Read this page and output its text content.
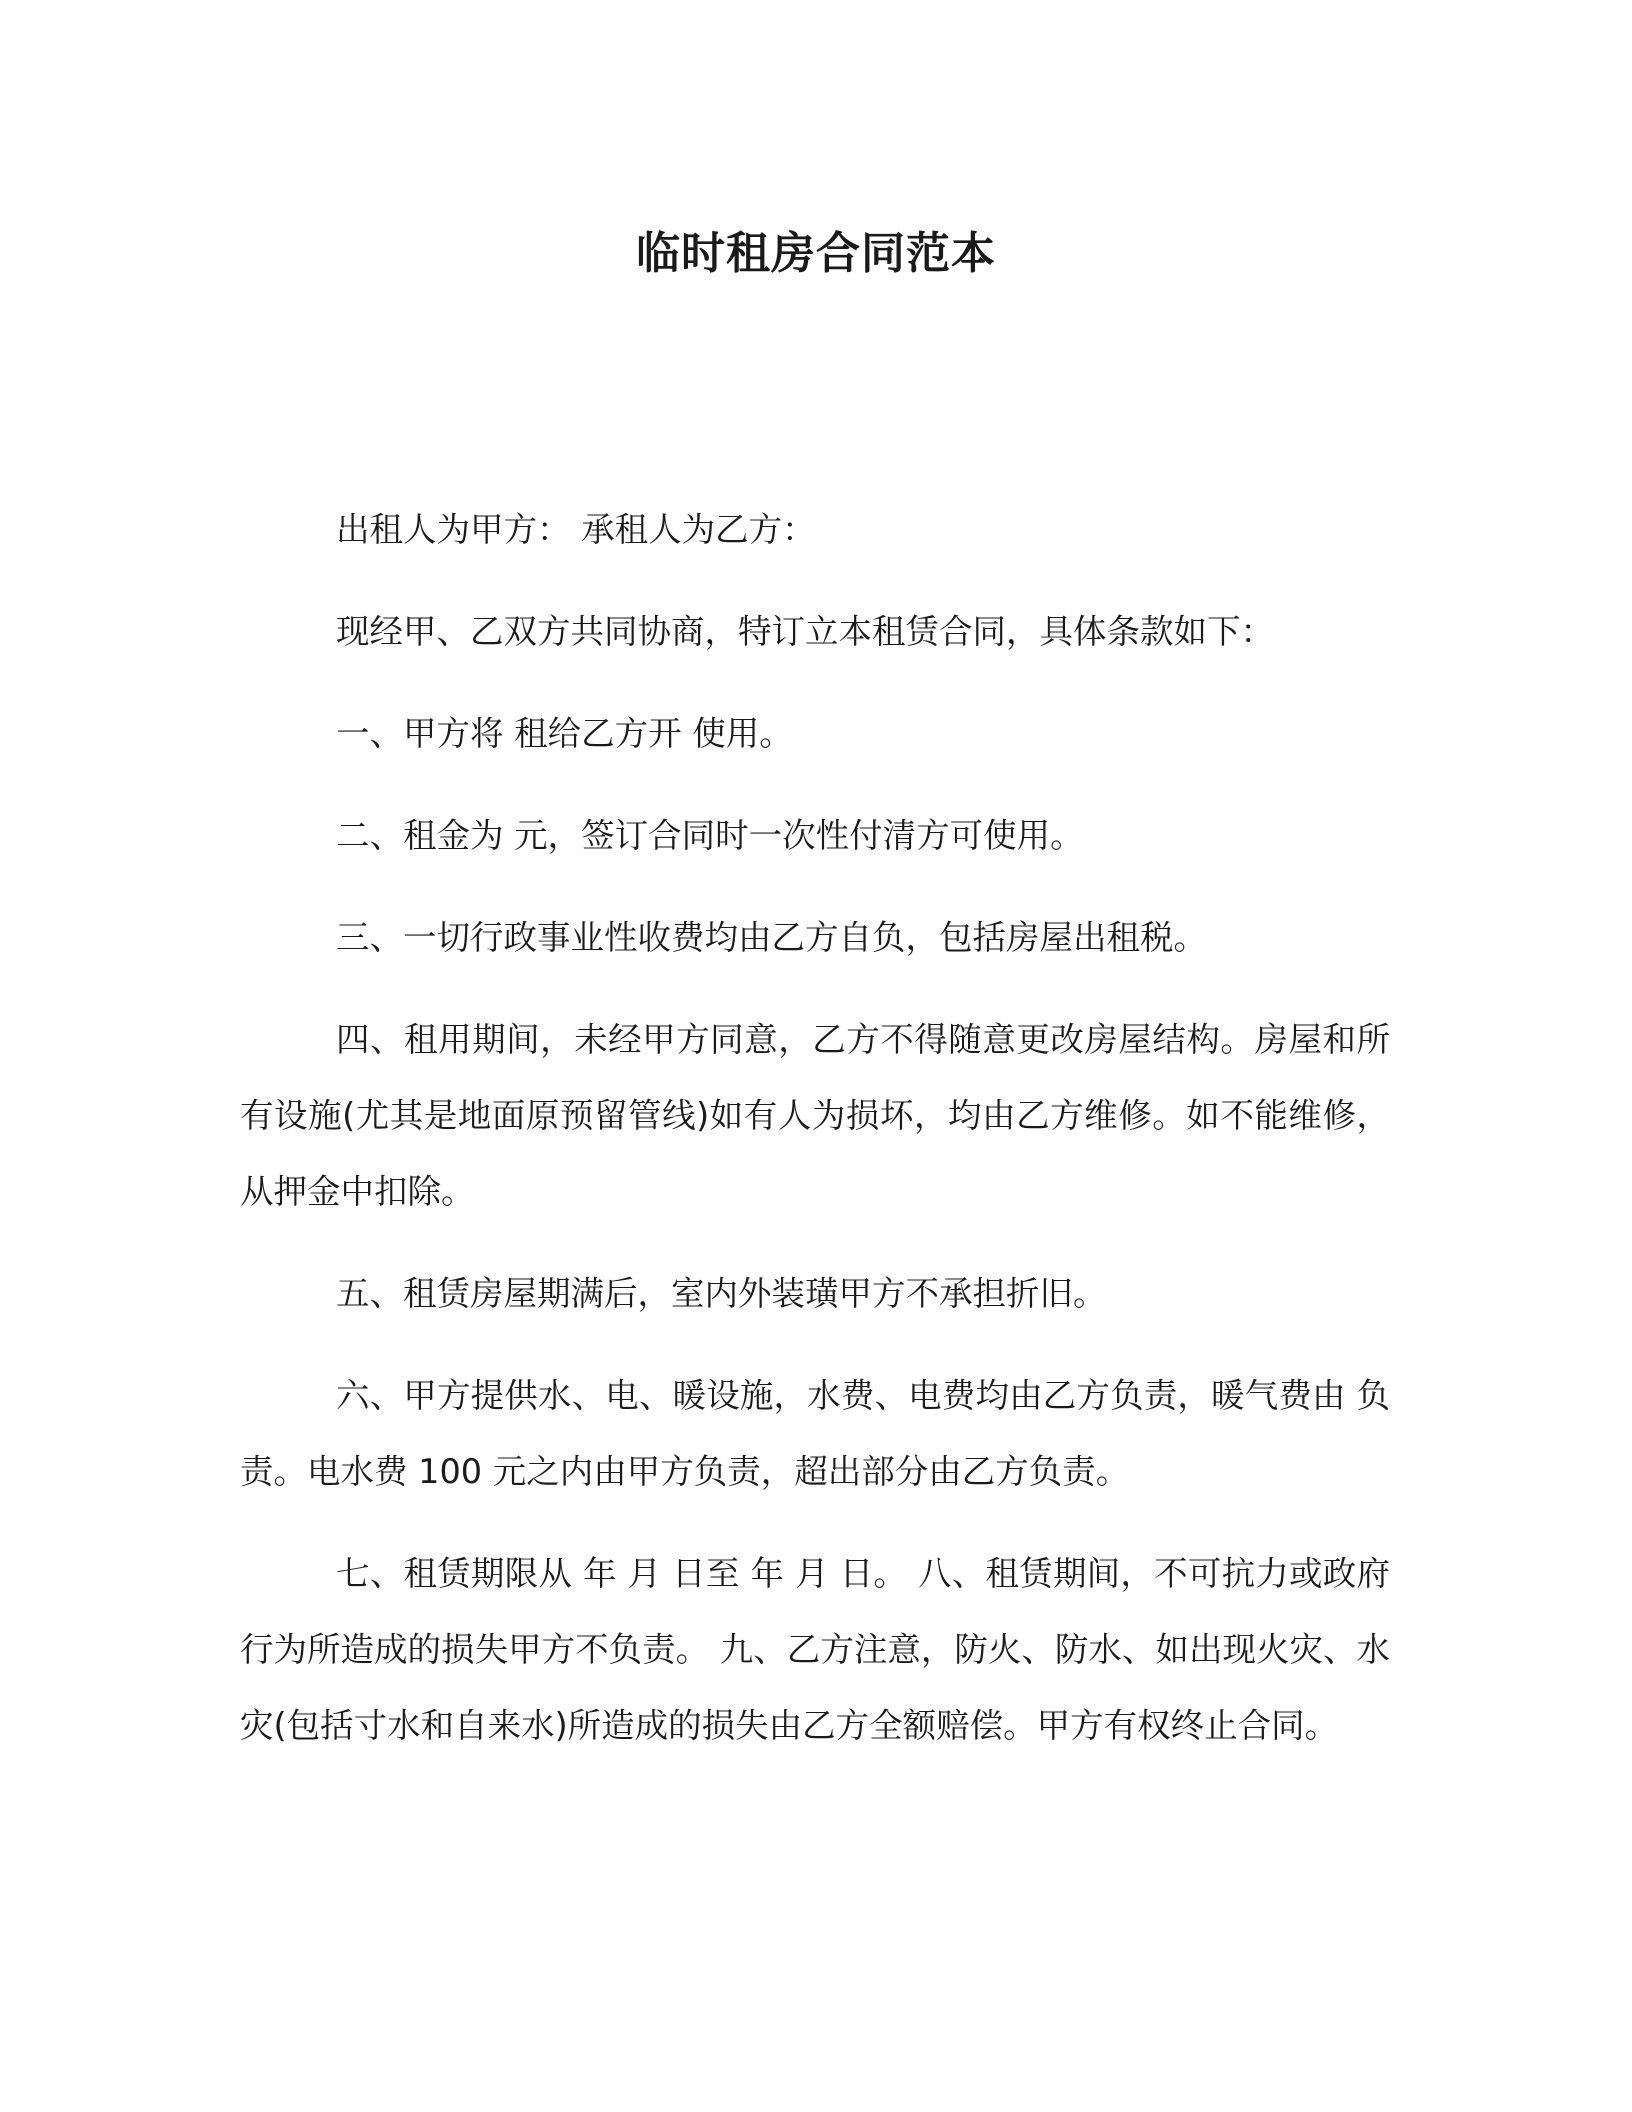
临时租房合同范本

出租人为甲方： 承租人为乙方：

现经甲、乙双方共同协商，特订立本租赁合同，具体条款如下：

一、甲方将 租给乙方开 使用。

二、租金为 元，签订合同时一次性付清方可使用。

三、一切行政事业性收费均由乙方自负，包括房屋出租税。

四、租用期间，未经甲方同意，乙方不得随意更改房屋结构。房屋和所有设施(尤其是地面原预留管线)如有人为损坏，均由乙方维修。如不能维修，从押金中扣除。

五、租赁房屋期满后，室内外装璜甲方不承担折旧。

六、甲方提供水、电、暖设施，水费、电费均由乙方负责，暖气费由 负责。电水费 100 元之内由甲方负责，超出部分由乙方负责。

七、租赁期限从 年 月 日至 年 月 日。 八、租赁期间，不可抗力或政府行为所造成的损失甲方不负责。 九、乙方注意，防火、防水、如出现火灾、水灾(包括寸水和自来水)所造成的损失由乙方全额赔偿。甲方有权终止合同。
